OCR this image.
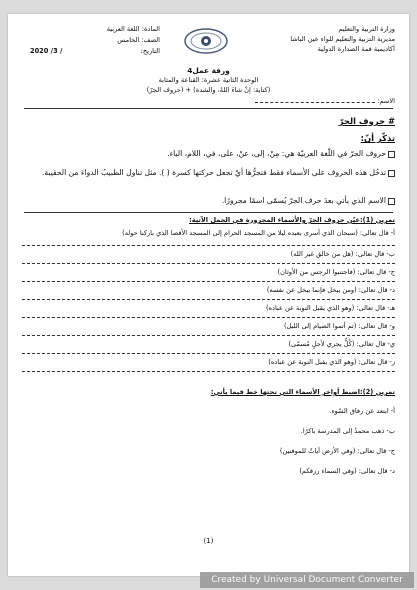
وزارة التربية والتعليم
مديرية التربية والتعليم للواء عين الباشا
أكاديمية قمة الصدارة الدولية
المادة: اللغة العربية
الصف: الخامس
التاريخ:
/ 3/ 2020
ورقة عمل4
الوحدة الثانية عشرة: القناعة والمثابة
(حروف الجرّ) + (كتابة: إنْ شاءَ اللهُ، والشدة)
الاسم:
# حروف الجرّ
تذكّر أنّ:
حروف الجرّ في اللّغة العربيّة هي: مِنْ، إلى، عنْ، على، في، اللام، الباء.
تدخُل هذه الحروف على الأسماء فقط فتجرُّها أيْ تجعل حركتها كسرة ( ). مثل تناول الطبيبُ الدواءَ من الحقيبة.
الاسم الذي يأتي بعدَ حرف الجرّ يُسمّى اسمًا مجرورًا.
تمرين (1):عيّن حروف الجرّ والأسماء المجرورة في الجمل الآتية:
أ- قال تعالى: (سبحان الذي أسرى بعبده ليلا من المسجد الحرام إلى المسجد الأقصا الذي باركنا حوله)
ب- قال تعالى: (هل من خالق غير الله)
ج- قال تعالى: (فاجتنبوا الرجس من الأوثان)
د- قال تعالى: (ومن يبخل فإنما يبخل عن نفسه)
هـ- قال تعالى: (وهو الذي يقبل التوبة عن عباده)
و- قال تعالى: (ثم أتموا الصيام إلى الليل)
ي- قال تعالى: (كُلٌّ يجري لأجلٍ مُسمّى)
ز- قال تعالى: (وهو الذي يقبل التوبة عن عباده)
تمرين (2):اضبط أواخر الأسماء التي تحتها خط فيما يأتي:
أ- ابتعد عن رفاق السّوء.
ب- ذهب محمدٌ إلى المدرسة باكرًا.
ج- قال تعالى: (وفي الأرض آياتٌ للموقنين)
د- قال تعالى: (وفي السماء رزقكم)
(1)
Created by Universal Document Converter
